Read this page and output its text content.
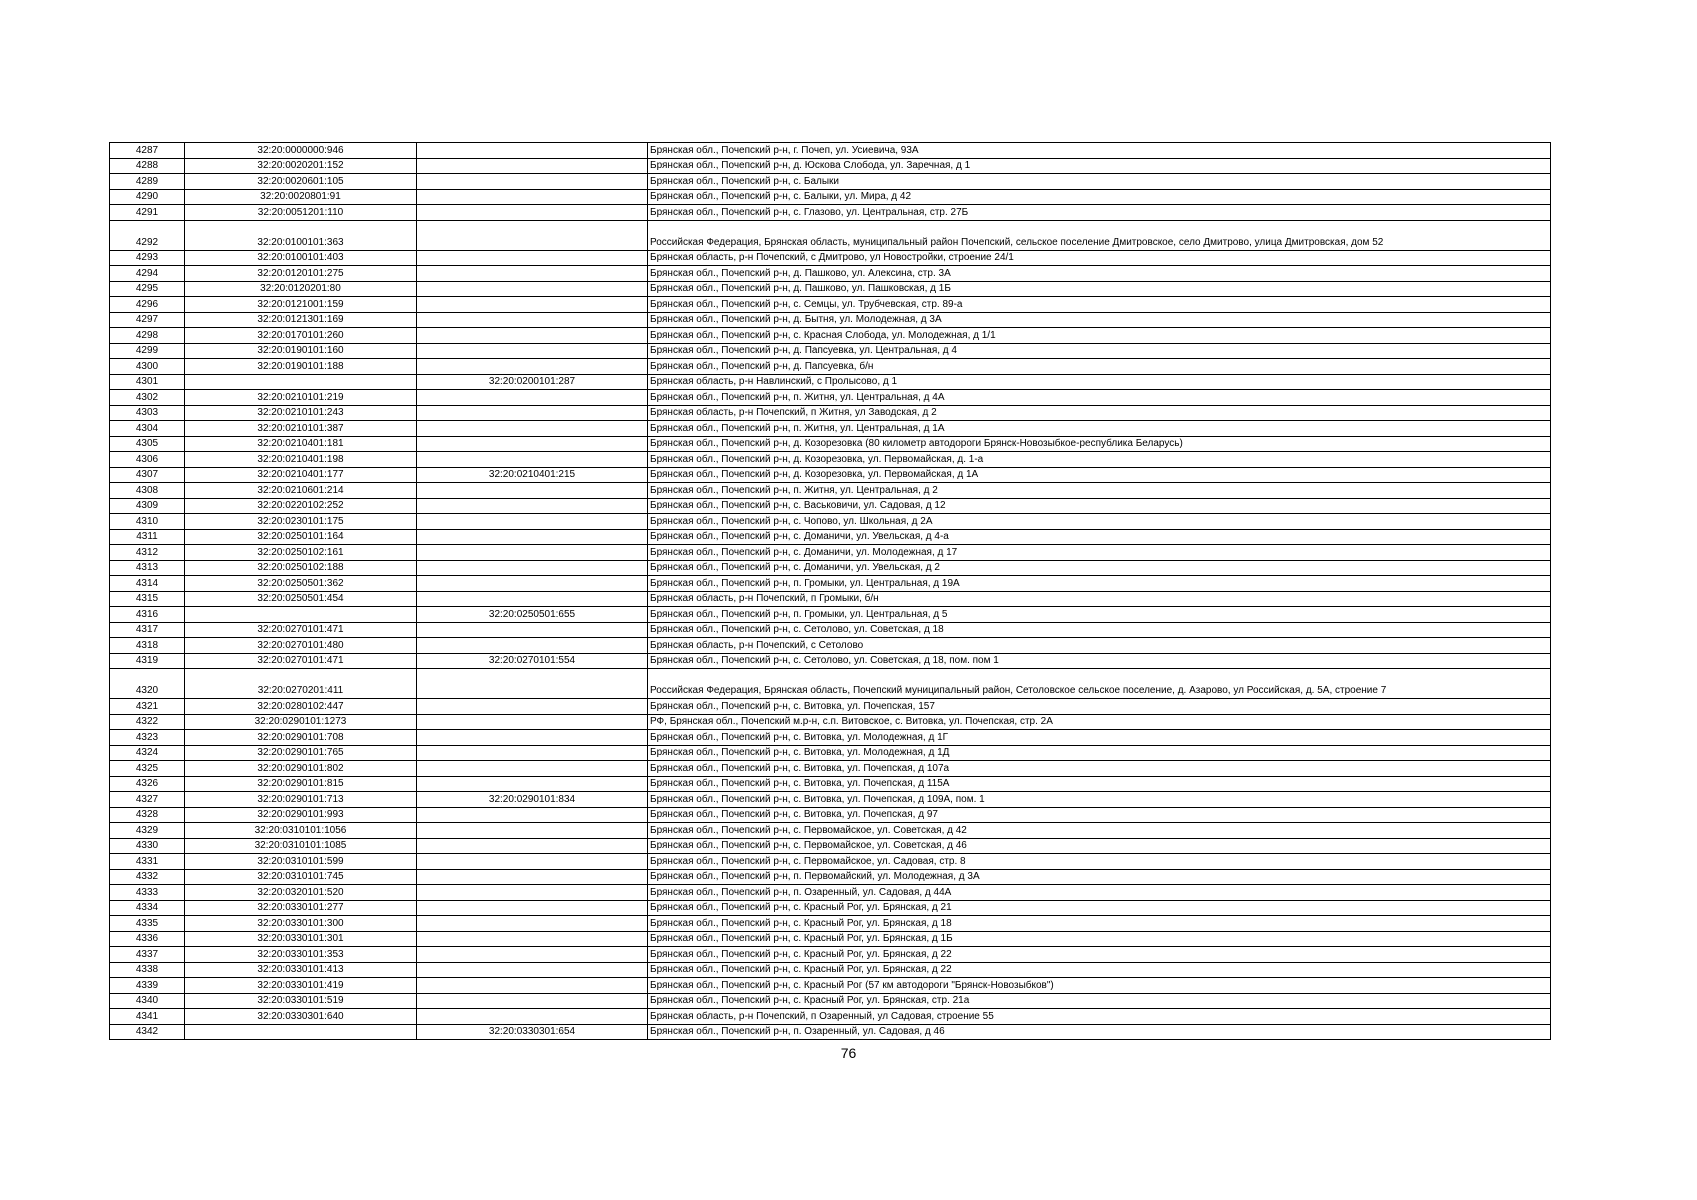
4287	32:20:0000000:946		Брянская обл., Почепский р-н, г. Почеп, ул. Усиевича, 93А
4288	32:20:0020201:152		Брянская обл., Почепский р-н, д. Юскова Слобода, ул. Заречная, д 1
4289	32:20:0020601:105		Брянская обл., Почепский р-н, с. Балыки
4290	32:20:0020801:91		Брянская обл., Почепский р-н, с. Балыки, ул. Мира, д 42
4291	32:20:0051201:110		Брянская обл., Почепский р-н, с. Глазово, ул. Центральная, стр. 27Б
4292	32:20:0100101:363		Российская Федерация, Брянская область, муниципальный район Почепский, сельское поселение Дмитровское, село Дмитрово, улица Дмитровская, дом 52
4293	32:20:0100101:403		Брянская область, р-н Почепский, с Дмитрово, ул Новостройки, строение 24/1
4294	32:20:0120101:275		Брянская обл., Почепский р-н, д. Пашково, ул. Алексина, стр. 3А
4295	32:20:0120201:80		Брянская обл., Почепский р-н, д. Пашково, ул. Пашковская, д 1Б
4296	32:20:0121001:159		Брянская обл., Почепский р-н, с. Семцы, ул. Трубчевская, стр. 89-а
4297	32:20:0121301:169		Брянская обл., Почепский р-н, д. Бытня, ул. Молодежная, д 3А
4298	32:20:0170101:260		Брянская обл., Почепский р-н, с. Красная Слобода, ул. Молодежная, д 1/1
4299	32:20:0190101:160		Брянская обл., Почепский р-н, д. Папсуевка, ул. Центральная, д 4
4300	32:20:0190101:188		Брянская обл., Почепский р-н, д. Папсуевка, б/н
4301		32:20:0200101:287	Брянская область, р-н Навлинский, с Пролысово, д 1
4302	32:20:0210101:219		Брянская обл., Почепский р-н, п. Житня, ул. Центральная, д 4А
4303	32:20:0210101:243		Брянская область, р-н Почепский, п Житня, ул Заводская, д 2
4304	32:20:0210101:387		Брянская обл., Почепский р-н, п. Житня, ул. Центральная, д 1А
4305	32:20:0210401:181		Брянская обл., Почепский р-н, д. Козорезовка (80 километр автодороги Брянск-Новозыбкое-республика Беларусь)
4306	32:20:0210401:198		Брянская обл., Почепский р-н, д. Козорезовка, ул. Первомайская, д. 1-а
4307	32:20:0210401:177	32:20:0210401:215	Брянская обл., Почепский р-н, д. Козорезовка, ул. Первомайская, д 1А
4308	32:20:0210601:214		Брянская обл., Почепский р-н, п. Житня, ул. Центральная, д 2
4309	32:20:0220102:252		Брянская обл., Почепский р-н, с. Васьковичи, ул. Садовая, д 12
4310	32:20:0230101:175		Брянская обл., Почепский р-н, с. Чопово, ул. Школьная, д 2А
4311	32:20:0250101:164		Брянская обл., Почепский р-н, с. Доманичи, ул. Увельская, д 4-а
4312	32:20:0250102:161		Брянская обл., Почепский р-н, с. Доманичи, ул. Молодежная, д 17
4313	32:20:0250102:188		Брянская обл., Почепский р-н, с. Доманичи, ул. Увельская, д 2
4314	32:20:0250501:362		Брянская обл., Почепский р-н, п. Громыки, ул. Центральная, д 19А
4315	32:20:0250501:454		Брянская область, р-н Почепский, п Громыки, б/н
4316		32:20:0250501:655	Брянская обл., Почепский р-н, п. Громыки, ул. Центральная, д 5
4317	32:20:0270101:471		Брянская обл., Почепский р-н, с. Сетолово, ул. Советская, д 18
4318	32:20:0270101:480		Брянская область, р-н Почепский, с Сетолово
4319	32:20:0270101:471	32:20:0270101:554	Брянская обл., Почепский р-н, с. Сетолово, ул. Советская, д 18, пом. пом 1
4320	32:20:0270201:411		Российская Федерация, Брянская область, Почепский муниципальный район, Сетоловское сельское поселение, д. Азарово, ул Российская, д. 5А, строение 7
4321	32:20:0280102:447		Брянская обл., Почепский р-н, с. Витовка, ул. Почепская, 157
4322	32:20:0290101:1273		РФ, Брянская обл., Почепский м.р-н, с.п. Витовское, с. Витовка, ул. Почепская, стр. 2А
4323	32:20:0290101:708		Брянская обл., Почепский р-н, с. Витовка, ул. Молодежная, д 1Г
4324	32:20:0290101:765		Брянская обл., Почепский р-н, с. Витовка, ул. Молодежная, д 1Д
4325	32:20:0290101:802		Брянская обл., Почепский р-н, с. Витовка, ул. Почепская, д 107а
4326	32:20:0290101:815		Брянская обл., Почепский р-н, с. Витовка, ул. Почепская, д 115А
4327	32:20:0290101:713	32:20:0290101:834	Брянская обл., Почепский р-н, с. Витовка, ул. Почепская, д 109А, пом. 1
4328	32:20:0290101:993		Брянская обл., Почепский р-н, с. Витовка, ул. Почепская, д 97
4329	32:20:0310101:1056		Брянская обл., Почепский р-н, с. Первомайское, ул. Советская, д 42
4330	32:20:0310101:1085		Брянская обл., Почепский р-н, с. Первомайское, ул. Советская, д 46
4331	32:20:0310101:599		Брянская обл., Почепский р-н, с. Первомайское, ул. Садовая, стр. 8
4332	32:20:0310101:745		Брянская обл., Почепский р-н, п. Первомайский, ул. Молодежная, д 3А
4333	32:20:0320101:520		Брянская обл., Почепский р-н, п. Озаренный, ул. Садовая, д 44А
4334	32:20:0330101:277		Брянская обл., Почепский р-н, с. Красный Рог, ул. Брянская, д 21
4335	32:20:0330101:300		Брянская обл., Почепский р-н, с. Красный Рог, ул. Брянская, д 18
4336	32:20:0330101:301		Брянская обл., Почепский р-н, с. Красный Рог, ул. Брянская, д 1Б
4337	32:20:0330101:353		Брянская обл., Почепский р-н, с. Красный Рог, ул. Брянская, д 22
4338	32:20:0330101:413		Брянская обл., Почепский р-н, с. Красный Рог, ул. Брянская, д 22
4339	32:20:0330101:419		Брянская обл., Почепский р-н, с. Красный Рог (57 км автодороги "Брянск-Новозыбков")
4340	32:20:0330101:519		Брянская обл., Почепский р-н, с. Красный Рог, ул. Брянская, стр. 21а
4341	32:20:0330301:640		Брянская область, р-н Почепский, п Озаренный, ул Садовая, строение 55
4342		32:20:0330301:654	Брянская обл., Почепский р-н, п. Озаренный, ул. Садовая, д 46
76
